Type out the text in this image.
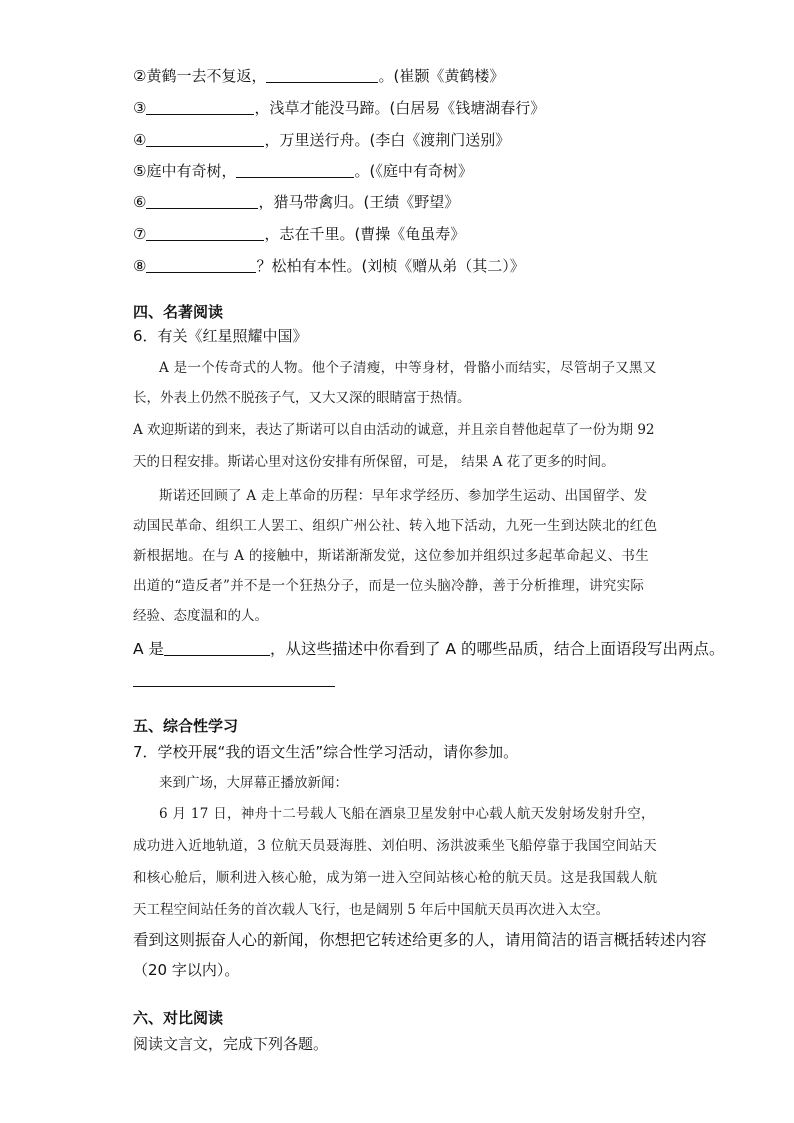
②黄鹤一去不复返，	。(崔颢《黄鹤楼》
③	，浅草才能没马蹄。(白居易《钱塘湖春行》
④	，万里送行舟。(李白《渡荆门送别》
⑤庭中有奇树，	。(《庭中有奇树》
⑥	，猎马带禽归。(王绩《野望》
⑦	，志在千里。(曹操《龟虽寿》
⑧	？松柏有本性。(刘桢《赠从弟（其二）》
四、名著阅读
6．有关《红星照耀中国》
A 是一个传奇式的人物。他个子清瘦，中等身材，骨骼小而结实，尽管胡子又黑又
长，外表上仍然不脱孩子气，又大又深的眼睛富于热情。
A 欢迎斯诺的到来，表达了斯诺可以自由活动的诚意，并且亲自替他起草了一份为期 92
天的日程安排。斯诺心里对这份安排有所保留，可是， 结果 A 花了更多的时间。
斯诺还回顾了 A 走上革命的历程：早年求学经历、参加学生运动、出国留学、发
动国民革命、组织工人罢工、组织广州公社、转入地下活动，九死一生到达陕北的红色
新根据地。在与 A 的接触中，斯诺渐渐发觉，这位参加并组织过多起革命起义、书生
出道的“造反者”并不是一个狂热分子，而是一位头脑冷静，善于分析推理，讲究实际
经验、态度温和的人。
A 是	，从这些描述中你看到了 A 的哪些品质，结合上面语段写出两点。
五、综合性学习
7．学校开展“我的语文生活”综合性学习活动，请你参加。
来到广场，大屏幕正播放新闻：
6 月 17 日，神舟十二号载人飞船在酒泉卫星发射中心载人航天发射场发射升空，
成功进入近地轨道，3 位航天员聂海胜、刘伯明、汤洪波乘坐飞船停靠于我国空间站天
和核心舱后，顺利进入核心舱，成为第一进入空间站核心枪的航天员。这是我国载人航
天工程空间站任务的首次载人飞行，也是阔别 5 年后中国航天员再次进入太空。
看到这则振奋人心的新闻，你想把它转述给更多的人，请用简洁的语言概括转述内容
（20 字以内）。
六、对比阅读
阅读文言文，完成下列各题。
